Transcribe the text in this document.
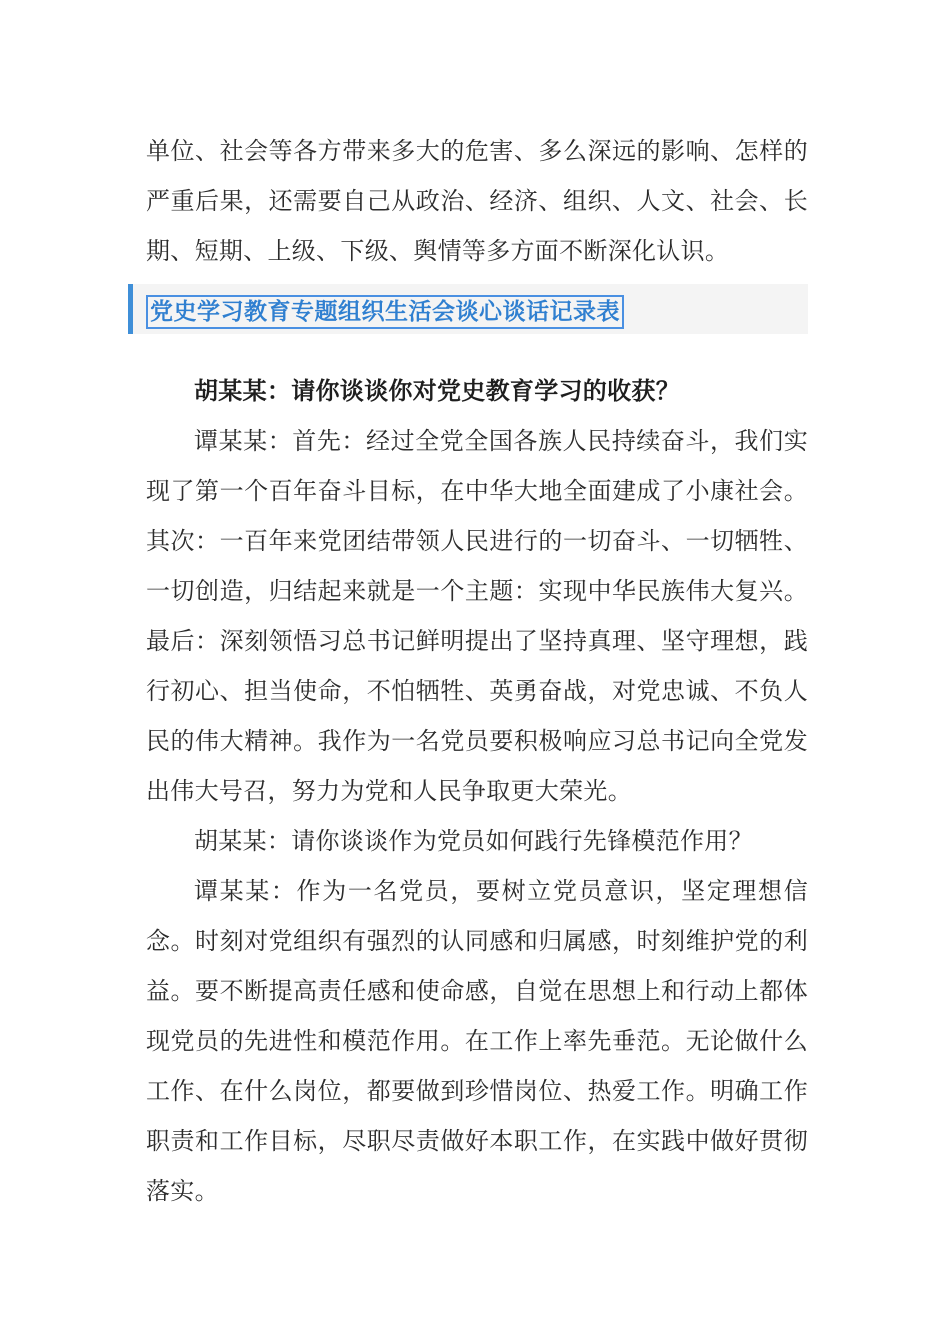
单位、社会等各方带来多大的危害、多么深远的影响、怎样的
严重后果，还需要自己从政治、经济、组织、人文、社会、长
期、短期、上级、下级、舆情等多方面不断深化认识。
党史学习教育专题组织生活会谈心谈话记录表
胡某某：请你谈谈你对党史教育学习的收获？
谭某某：首先：经过全党全国各族人民持续奋斗，我们实
现了第一个百年奋斗目标，在中华大地全面建成了小康社会。
其次：一百年来党团结带领人民进行的一切奋斗、一切牺牲、
一切创造，归结起来就是一个主题：实现中华民族伟大复兴。
最后：深刻领悟习总书记鲜明提出了坚持真理、坚守理想，践
行初心、担当使命，不怕牺牲、英勇奋战，对党忠诚、不负人
民的伟大精神。我作为一名党员要积极响应习总书记向全党发
出伟大号召，努力为党和人民争取更大荣光。
胡某某：请你谈谈作为党员如何践行先锋模范作用？
谭某某：作为一名党员，要树立党员意识，坚定理想信
念。时刻对党组织有强烈的认同感和归属感，时刻维护党的利
益。要不断提高责任感和使命感，自觉在思想上和行动上都体
现党员的先进性和模范作用。在工作上率先垂范。无论做什么
工作、在什么岗位，都要做到珍惜岗位、热爱工作。明确工作
职责和工作目标，尽职尽责做好本职工作，在实践中做好贯彻
落实。
